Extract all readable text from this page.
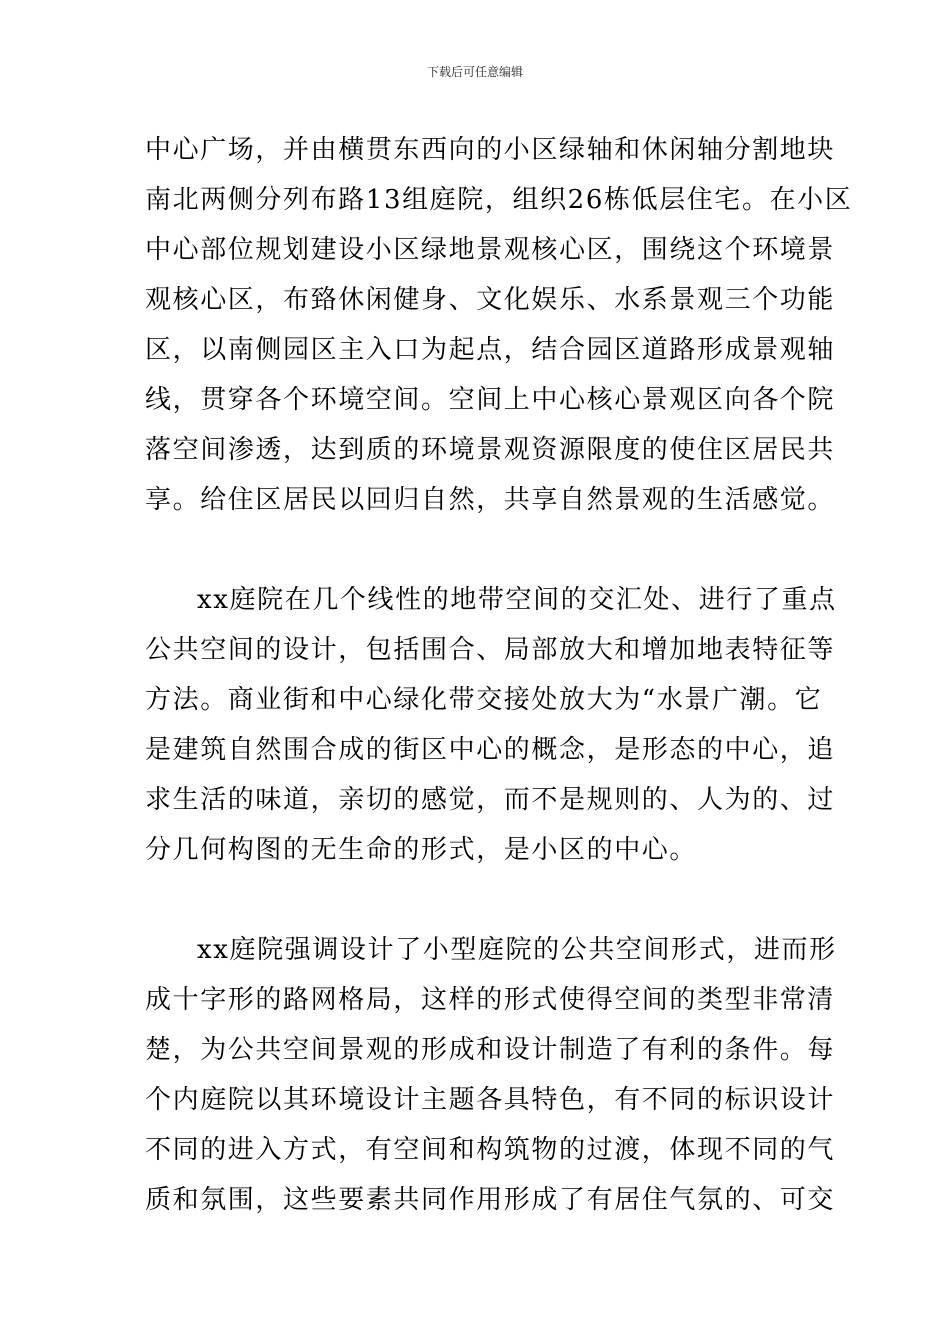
下载后可任意编辑
中心广场，并由横贯东西向的小区绿轴和休闲轴分割地块
南北两侧分列布路13组庭院，组织26栋低层住宅。在小区
中心部位规划建设小区绿地景观核心区，围绕这个环境景
观核心区，布臵休闲健身、文化娱乐、水系景观三个功能
区，以南侧园区主入口为起点，结合园区道路形成景观轴
线，贯穿各个环境空间。空间上中心核心景观区向各个院
落空间渗透，达到质的环境景观资源限度的使住区居民共
享。给住区居民以回归自然，共享自然景观的生活感觉。
xx庭院在几个线性的地带空间的交汇处、进行了重点
公共空间的设计，包括围合、局部放大和增加地表特征等
方法。商业街和中心绿化带交接处放大为“水景广潮。它
是建筑自然围合成的街区中心的概念，是形态的中心，追
求生活的味道，亲切的感觉，而不是规则的、人为的、过
分几何构图的无生命的形式，是小区的中心。
xx庭院强调设计了小型庭院的公共空间形式，进而形
成十字形的路网格局，这样的形式使得空间的类型非常清
楚，为公共空间景观的形成和设计制造了有利的条件。每
个内庭院以其环境设计主题各具特色，有不同的标识设计
不同的进入方式，有空间和构筑物的过渡，体现不同的气
质和氛围，这些要素共同作用形成了有居住气氛的、可交
